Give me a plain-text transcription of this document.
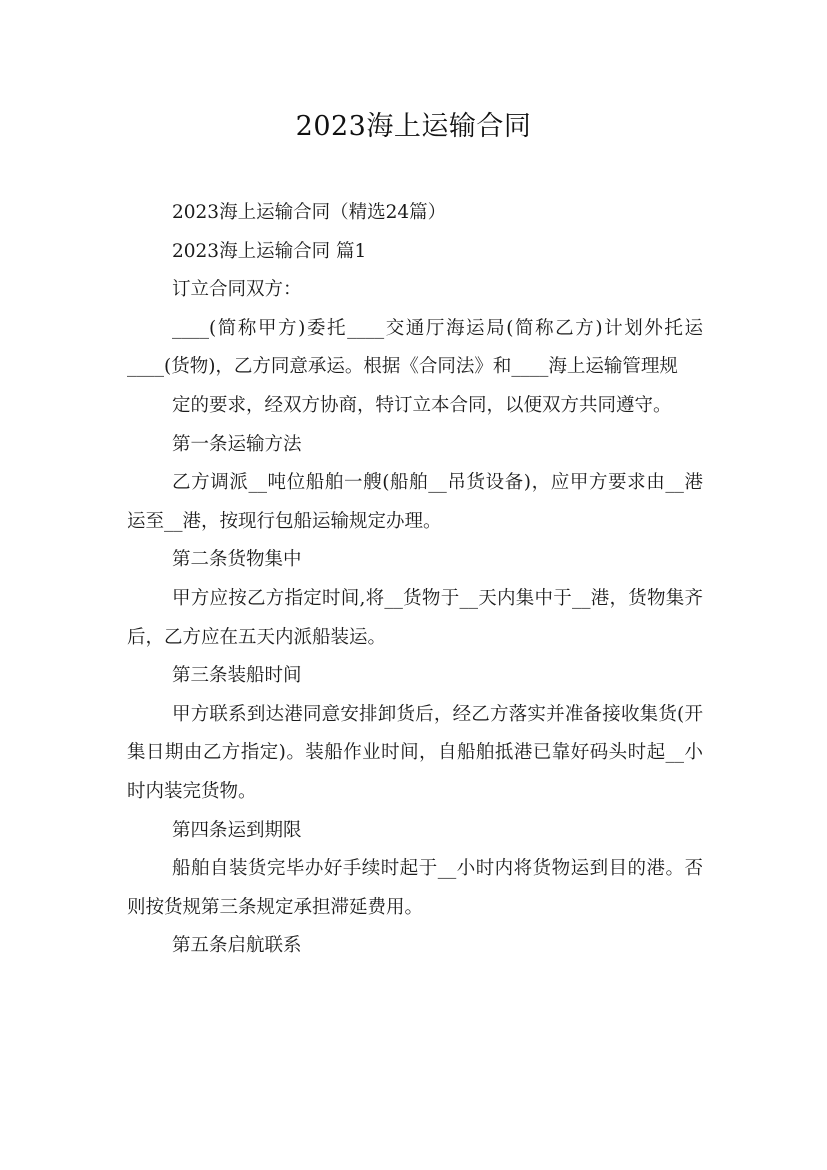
2023海上运输合同

2023海上运输合同（精选24篇）

2023海上运输合同 篇1

订立合同双方：

____(简称甲方)委托____交通厅海运局(简称乙方)计划外托运____(货物)，乙方同意承运。根据《合同法》和____海上运输管理规

定的要求，经双方协商，特订立本合同，以便双方共同遵守。

第一条运输方法

乙方调派__吨位船舶一艘(船舶__吊货设备)，应甲方要求由__港运至__港，按现行包船运输规定办理。

第二条货物集中

甲方应按乙方指定时间,将__货物于__天内集中于__港，货物集齐后，乙方应在五天内派船装运。

第三条装船时间

甲方联系到达港同意安排卸货后，经乙方落实并准备接收集货(开集日期由乙方指定)。装船作业时间，自船舶抵港已靠好码头时起__小时内装完货物。

第四条运到期限

船舶自装货完毕办好手续时起于__小时内将货物运到目的港。否则按货规第三条规定承担滞延费用。

第五条启航联系
